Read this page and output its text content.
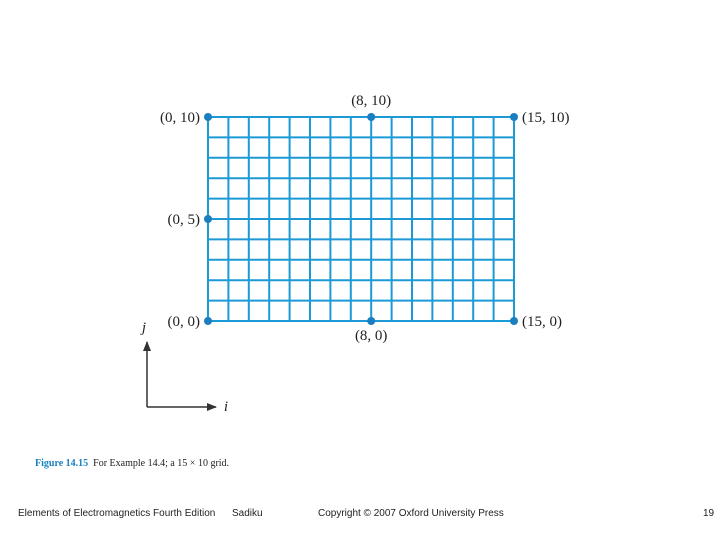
(0, 10)
(8, 10)
(15, 10)
(0, 5)
(0, 0)
(8, 0)
(15, 0)
j
i
Figure 14.15 For Example 14.4; a 15 × 10 grid.
Elements of Electromagnetics Fourth Edition Sadiku	Copyright © 2007 Oxford University Press	19
